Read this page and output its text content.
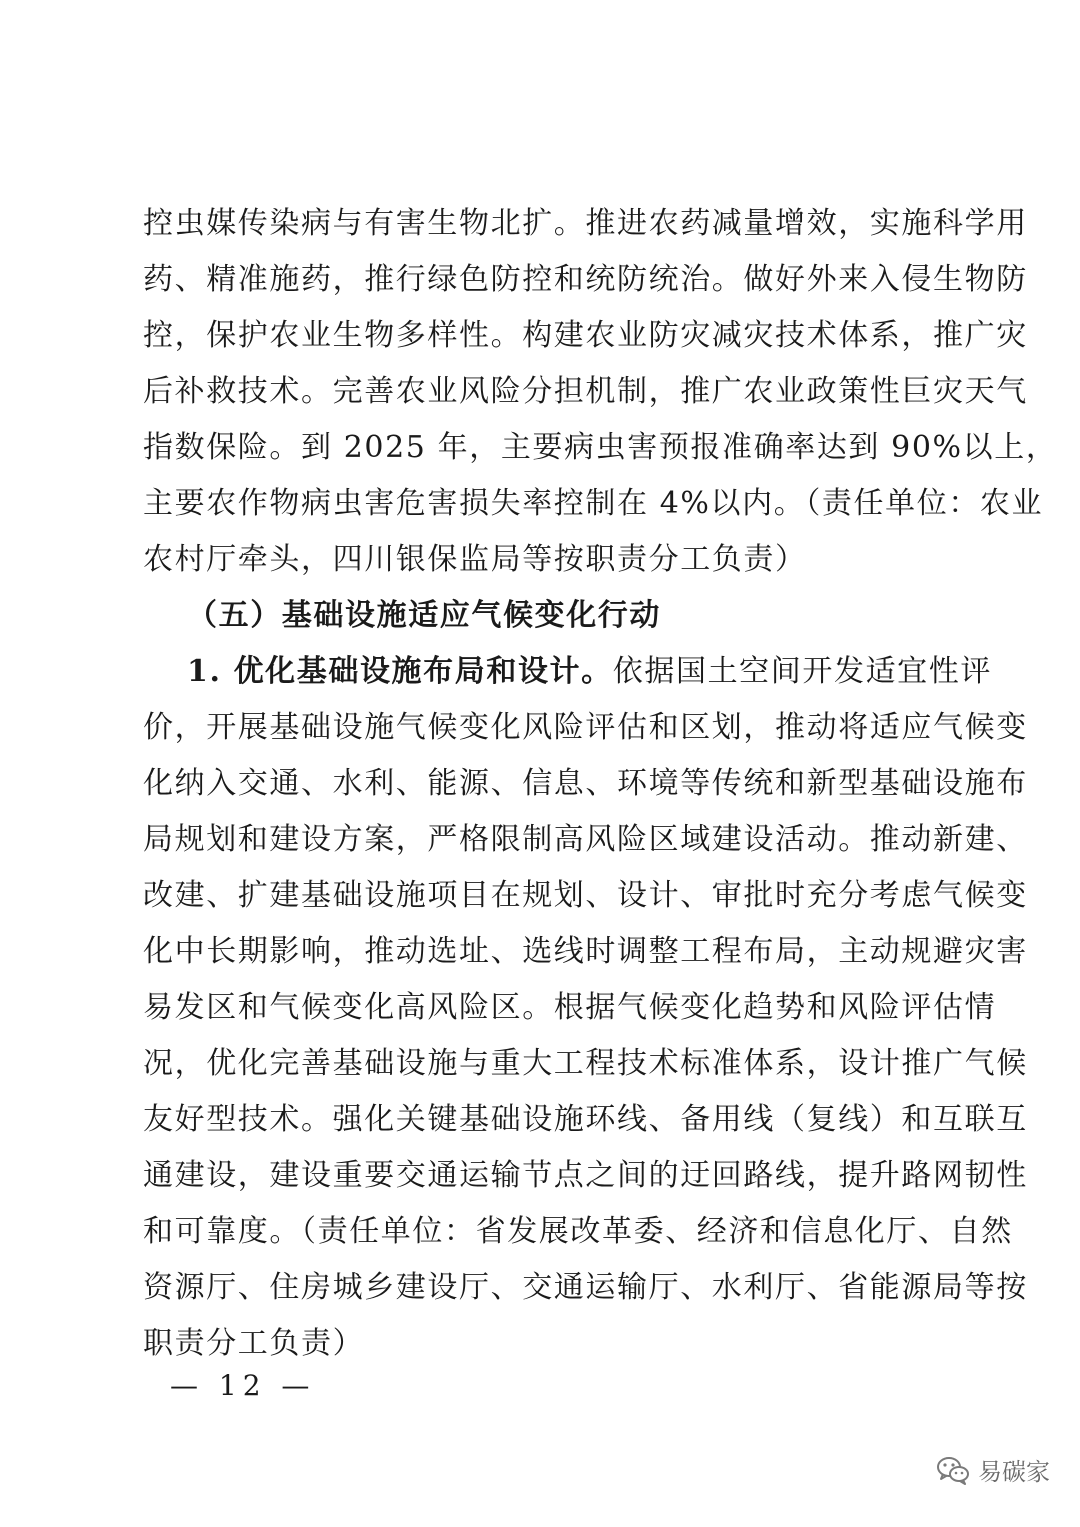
控虫媒传染病与有害生物北扩。推进农药减量增效，实施科学用
药、精准施药，推行绿色防控和统防统治。做好外来入侵生物防
控，保护农业生物多样性。构建农业防灾减灾技术体系，推广灾
后补救技术。完善农业风险分担机制，推广农业政策性巨灾天气
指数保险。到 2025 年，主要病虫害预报准确率达到 90%以上，
主要农作物病虫害危害损失率控制在 4%以内。（责任单位：农业
农村厅牵头，四川银保监局等按职责分工负责）
（五）基础设施适应气候变化行动
1. 优化基础设施布局和设计。依据国土空间开发适宜性评
价，开展基础设施气候变化风险评估和区划，推动将适应气候变
化纳入交通、水利、能源、信息、环境等传统和新型基础设施布
局规划和建设方案，严格限制高风险区域建设活动。推动新建、
改建、扩建基础设施项目在规划、设计、审批时充分考虑气候变
化中长期影响，推动选址、选线时调整工程布局，主动规避灾害
易发区和气候变化高风险区。根据气候变化趋势和风险评估情
况，优化完善基础设施与重大工程技术标准体系，设计推广气候
友好型技术。强化关键基础设施环线、备用线（复线）和互联互
通建设，建设重要交通运输节点之间的迂回路线，提升路网韧性
和可靠度。（责任单位：省发展改革委、经济和信息化厅、自然
资源厅、住房城乡建设厅、交通运输厅、水利厅、省能源局等按
职责分工负责）
— 12 —
易碳家
